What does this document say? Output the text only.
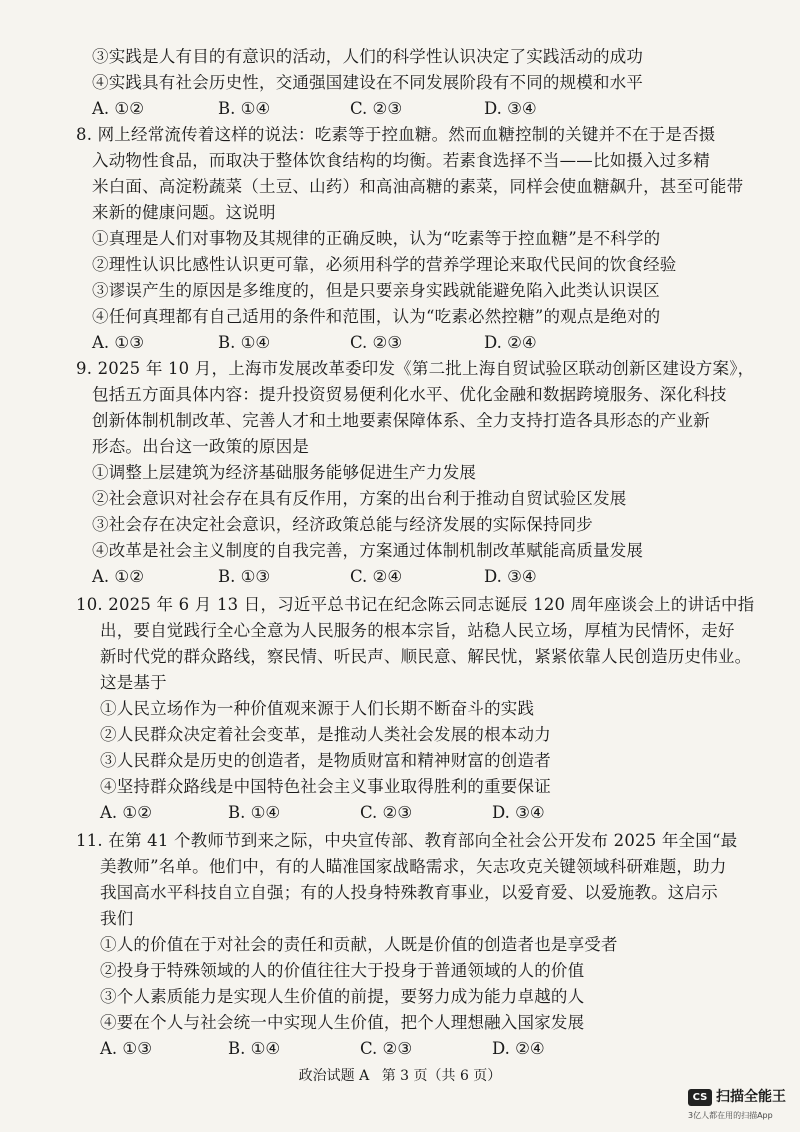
③实践是人有目的有意识的活动，人们的科学性认识决定了实践活动的成功
④实践具有社会历史性，交通强国建设在不同发展阶段有不同的规模和水平
A. ①②	B. ①④	C. ②③	D. ③④
8. 网上经常流传着这样的说法：吃素等于控血糖。然而血糖控制的关键并不在于是否摄
入动物性食品，而取决于整体饮食结构的均衡。若素食选择不当——比如摄入过多精
米白面、高淀粉蔬菜（土豆、山药）和高油高糖的素菜，同样会使血糖飙升，甚至可能带
来新的健康问题。这说明
①真理是人们对事物及其规律的正确反映，认为“吃素等于控血糖”是不科学的
②理性认识比感性认识更可靠，必须用科学的营养学理论来取代民间的饮食经验
③谬误产生的原因是多维度的，但是只要亲身实践就能避免陷入此类认识误区
④任何真理都有自己适用的条件和范围，认为“吃素必然控糖”的观点是绝对的
A. ①③	B. ①④	C. ②③	D. ②④
9. 2025 年 10 月，上海市发展改革委印发《第二批上海自贸试验区联动创新区建设方案》，
包括五方面具体内容：提升投资贸易便利化水平、优化金融和数据跨境服务、深化科技
创新体制机制改革、完善人才和土地要素保障体系、全力支持打造各具形态的产业新
形态。出台这一政策的原因是
①调整上层建筑为经济基础服务能够促进生产力发展
②社会意识对社会存在具有反作用，方案的出台利于推动自贸试验区发展
③社会存在决定社会意识，经济政策总能与经济发展的实际保持同步
④改革是社会主义制度的自我完善，方案通过体制机制改革赋能高质量发展
A. ①②	B. ①③	C. ②④	D. ③④
10. 2025 年 6 月 13 日，习近平总书记在纪念陈云同志诞辰 120 周年座谈会上的讲话中指
出，要自觉践行全心全意为人民服务的根本宗旨，站稳人民立场，厚植为民情怀，走好
新时代党的群众路线，察民情、听民声、顺民意、解民忧，紧紧依靠人民创造历史伟业。
这是基于
①人民立场作为一种价值观来源于人们长期不断奋斗的实践
②人民群众决定着社会变革，是推动人类社会发展的根本动力
③人民群众是历史的创造者，是物质财富和精神财富的创造者
④坚持群众路线是中国特色社会主义事业取得胜利的重要保证
A. ①②	B. ①④	C. ②③	D. ③④
11. 在第 41 个教师节到来之际，中央宣传部、教育部向全社会公开发布 2025 年全国“最
美教师”名单。他们中，有的人瞄准国家战略需求，矢志攻克关键领域科研难题，助力
我国高水平科技自立自强；有的人投身特殊教育事业，以爱育爱、以爱施教。这启示
我们
①人的价值在于对社会的责任和贡献，人既是价值的创造者也是享受者
②投身于特殊领域的人的价值往往大于投身于普通领域的人的价值
③个人素质能力是实现人生价值的前提，要努力成为能力卓越的人
④要在个人与社会统一中实现人生价值，把个人理想融入国家发展
A. ①③	B. ①④	C. ②③	D. ②④
政治试题 A 第 3 页（共 6 页）
CS 扫描全能王
3亿人都在用的扫描App
